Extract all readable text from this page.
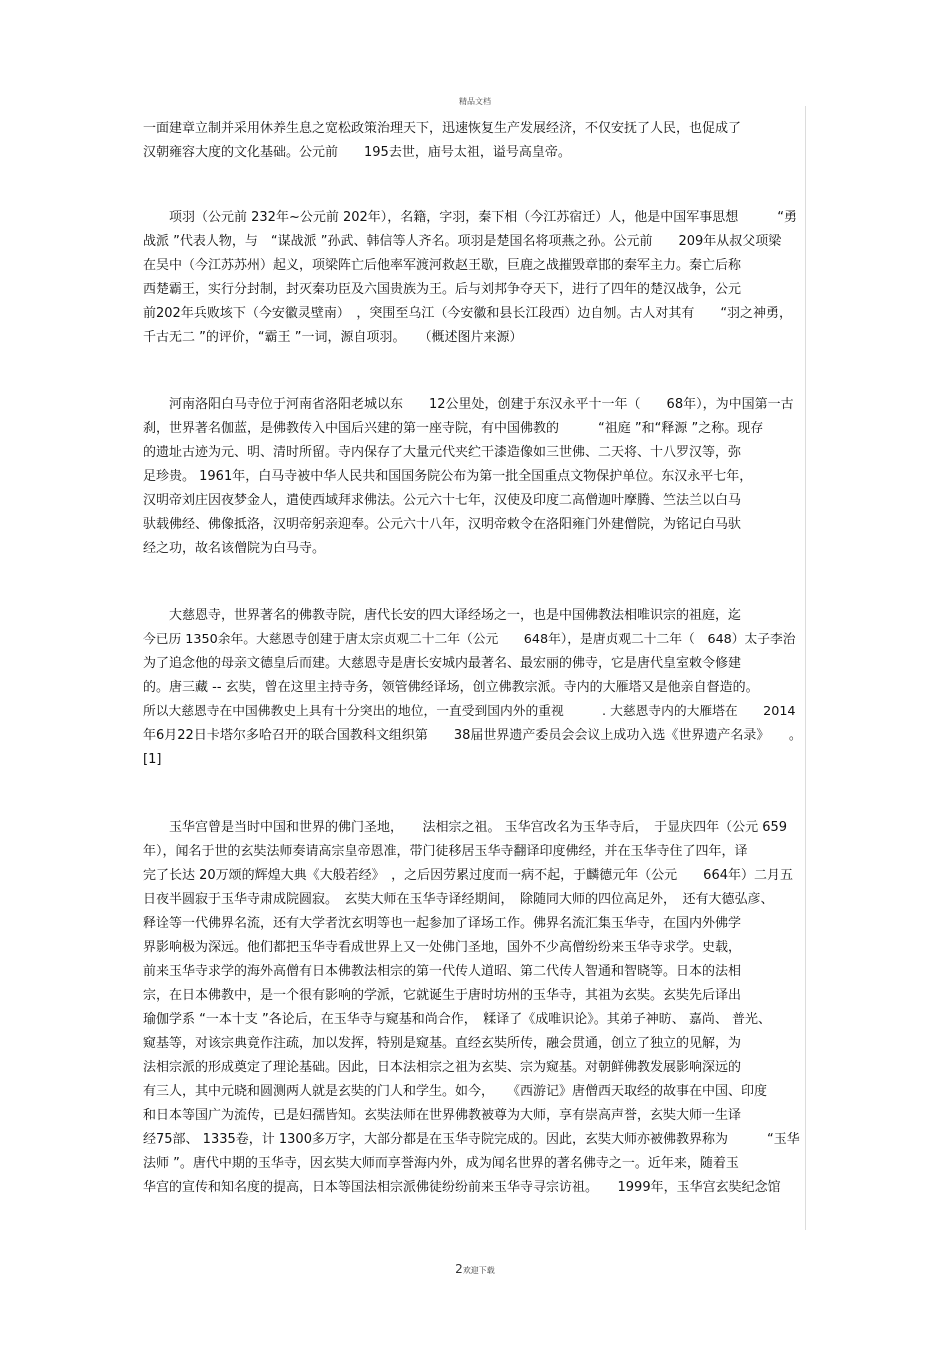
精品文档
一面建章立制并采用休养生息之宽松政策治理天下，迅速恢复生产发展经济，不仅安抚了人民，也促成了
汉朝雍容大度的文化基础。公元前　　195去世，庙号太祖，谥号高皇帝。
　　项羽（公元前 232年~公元前 202年），名籍，字羽，秦下相（今江苏宿迁）人，他是中国军事思想　　　“勇
战派 ”代表人物，与　“谋战派 ”孙武、韩信等人齐名。项羽是楚国名将项燕之孙。公元前　　209年从叔父项梁
在吴中（今江苏苏州）起义，项梁阵亡后他率军渡河救赵王歇，巨鹿之战摧毁章邯的秦军主力。秦亡后称
西楚霸王，实行分封制，封灭秦功臣及六国贵族为王。后与刘邦争夺天下，进行了四年的楚汉战争，公元
前202年兵败垓下（今安徽灵壁南）　，突围至乌江（今安徽和县长江段西）边自刎。古人对其有　　“羽之神勇，
千古无二 ”的评价，“霸王 ”一词，源自项羽。　　（概述图片来源）
　　河南洛阳白马寺位于河南省洛阳老城以东　　12公里处，创建于东汉永平十一年（　　68年），为中国第一古
刹，世界著名伽蓝，是佛教传入中国后兴建的第一座寺院，有中国佛教的　　　“祖庭 ”和“释源 ”之称。现存
的遗址古迹为元、明、清时所留。寺内保存了大量元代夹纻干漆造像如三世佛、二天将、十八罗汉等，弥
足珍贵。 1961年，白马寺被中华人民共和国国务院公布为第一批全国重点文物保护单位。东汉永平七年，
汉明帝刘庄因夜梦金人，遣使西域拜求佛法。公元六十七年，汉使及印度二高僧迦叶摩腾、竺法兰以白马
驮载佛经、佛像抵洛，汉明帝躬亲迎奉。公元六十八年，汉明帝敕令在洛阳雍门外建僧院，为铭记白马驮
经之功，故名该僧院为白马寺。
　　大慈恩寺，世界著名的佛教寺院，唐代长安的四大译经场之一，也是中国佛教法相唯识宗的祖庭，迄
今已历 1350余年。大慈恩寺创建于唐太宗贞观二十二年（公元　　648年），是唐贞观二十二年（　648）太子李治
为了追念他的母亲文德皇后而建。大慈恩寺是唐长安城内最著名、最宏丽的佛寺，它是唐代皇室敕令修建
的。唐三藏 -- 玄奘，曾在这里主持寺务，领管佛经译场，创立佛教宗派。寺内的大雁塔又是他亲自督造的。
所以大慈恩寺在中国佛教史上具有十分突出的地位，一直受到国内外的重视　　　. 大慈恩寺内的大雁塔在　　2014
年6月22日卡塔尔多哈召开的联合国教科文组织第　　38届世界遗产委员会会议上成功入选《世界遗产名录》　　。
[1]
　　玉华宫曾是当时中国和世界的佛门圣地，　　法相宗之祖。 玉华宫改名为玉华寺后，　于显庆四年（公元 659
年），闻名于世的玄奘法师奏请高宗皇帝恩准，带门徒移居玉华寺翻译印度佛经，并在玉华寺住了四年，译
完了长达 20万颂的辉煌大典《大般若经》　，之后因劳累过度而一病不起，于麟德元年（公元　　664年）二月五
日夜半圆寂于玉华寺肃成院圆寂。　玄奘大师在玉华寺译经期间，　除随同大师的四位高足外，　还有大德弘彦、
释诠等一代佛界名流，还有大学者沈玄明等也一起参加了译场工作。佛界名流汇集玉华寺，在国内外佛学
界影响极为深远。他们都把玉华寺看成世界上又一处佛门圣地，国外不少高僧纷纷来玉华寺求学。史载，
前来玉华寺求学的海外高僧有日本佛教法相宗的第一代传人道昭、第二代传人智通和智晓等。日本的法相
宗，在日本佛教中，是一个很有影响的学派，它就诞生于唐时坊州的玉华寺，其祖为玄奘。玄奘先后译出
瑜伽学系 “一本十支 ”各论后，在玉华寺与窥基和尚合作，　糅译了《成唯识论》。其弟子神昉、 嘉尚、 普光、
窥基等，对该宗典竟作注疏，加以发挥，特别是窥基。直经玄奘所传，融会贯通，创立了独立的见解，为
法相宗派的形成奠定了理论基础。因此，日本法相宗之祖为玄奘、宗为窥基。对朝鲜佛教发展影响深远的
有三人，其中元晓和圆测两人就是玄奘的门人和学生。如今，　　《西游记》唐僧西天取经的故事在中国、印度
和日本等国广为流传，已是妇孺皆知。玄奘法师在世界佛教被尊为大师，享有崇高声誉，玄奘大师一生译
经75部、 1335卷，计 1300多万字，大部分都是在玉华寺院完成的。因此，玄奘大师亦被佛教界称为　　　“玉华
法师 ”。唐代中期的玉华寺，因玄奘大师而享誉海内外，成为闻名世界的著名佛寺之一。近年来，随着玉
华宫的宣传和知名度的提高，日本等国法相宗派佛徒纷纷前来玉华寺寻宗访祖。　　1999年，玉华宫玄奘纪念馆
2欢迎下载
